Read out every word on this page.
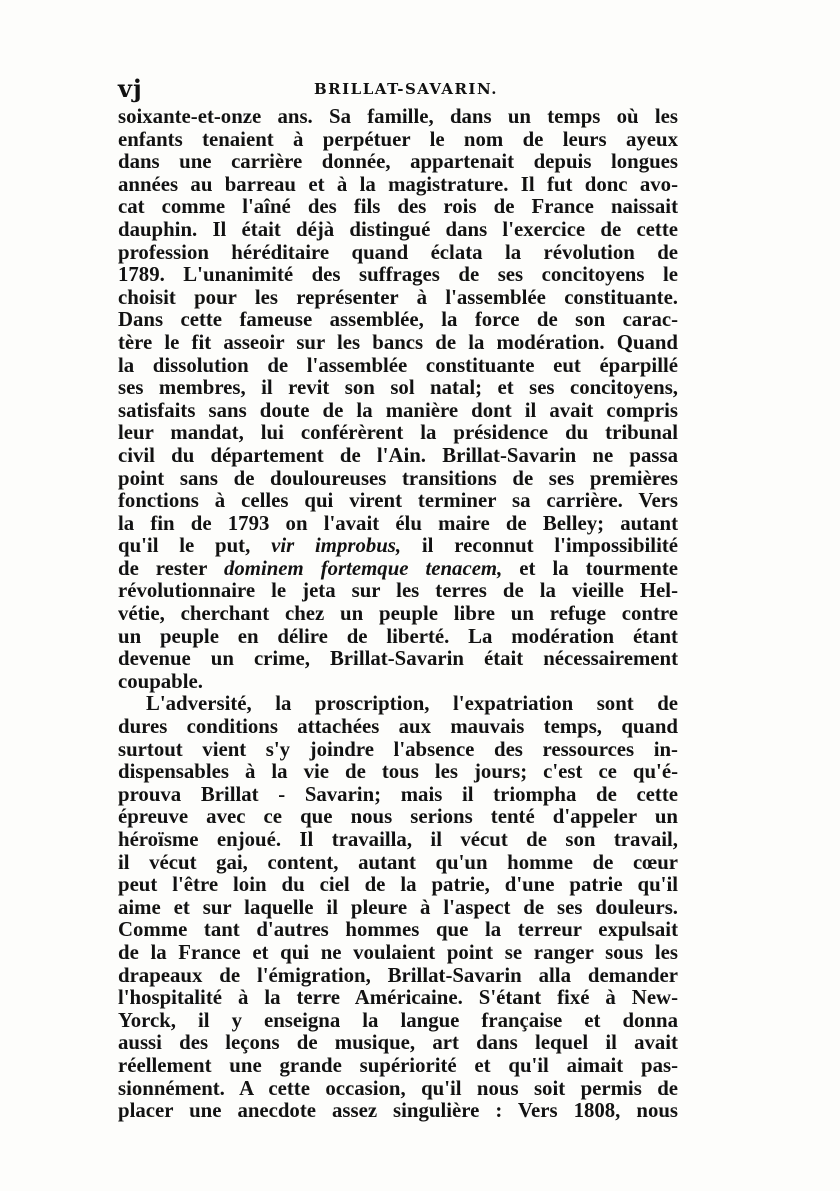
vj	BRILLAT-SAVARIN.
soixante-et-onze ans. Sa famille, dans un temps où les
enfants tenaient à perpétuer le nom de leurs ayeux
dans une carrière donnée, appartenait depuis longues
années au barreau et à la magistrature. Il fut donc avo-
cat comme l'aîné des fils des rois de France naissait
dauphin. Il était déjà distingué dans l'exercice de cette
profession héréditaire quand éclata la révolution de
1789. L'unanimité des suffrages de ses concitoyens le
choisit pour les représenter à l'assemblée constituante.
Dans cette fameuse assemblée, la force de son carac-
tère le fit asseoir sur les bancs de la modération. Quand
la dissolution de l'assemblée constituante eut éparpillé
ses membres, il revit son sol natal; et ses concitoyens,
satisfaits sans doute de la manière dont il avait compris
leur mandat, lui conférèrent la présidence du tribunal
civil du département de l'Ain. Brillat-Savarin ne passa
point sans de douloureuses transitions de ses premières
fonctions à celles qui virent terminer sa carrière. Vers
la fin de 1793 on l'avait élu maire de Belley; autant
qu'il le put, vir improbus, il reconnut l'impossibilité
de rester dominem fortemque tenacem, et la tourmente
révolutionnaire le jeta sur les terres de la vieille Hel-
vétie, cherchant chez un peuple libre un refuge contre
un peuple en délire de liberté. La modération étant
devenue un crime, Brillat-Savarin était nécessairement
coupable.
L'adversité, la proscription, l'expatriation sont de
dures conditions attachées aux mauvais temps, quand
surtout vient s'y joindre l'absence des ressources in-
dispensables à la vie de tous les jours; c'est ce qu'é-
prouva Brillat - Savarin; mais il triompha de cette
épreuve avec ce que nous serions tenté d'appeler un
héroïsme enjoué. Il travailla, il vécut de son travail,
il vécut gai, content, autant qu'un homme de cœur
peut l'être loin du ciel de la patrie, d'une patrie qu'il
aime et sur laquelle il pleure à l'aspect de ses douleurs.
Comme tant d'autres hommes que la terreur expulsait
de la France et qui ne voulaient point se ranger sous les
drapeaux de l'émigration, Brillat-Savarin alla demander
l'hospitalité à la terre Américaine. S'étant fixé à New-
Yorck, il y enseigna la langue française et donna
aussi des leçons de musique, art dans lequel il avait
réellement une grande supériorité et qu'il aimait pas-
sionnément. A cette occasion, qu'il nous soit permis de
placer une anecdote assez singulière : Vers 1808, nous
